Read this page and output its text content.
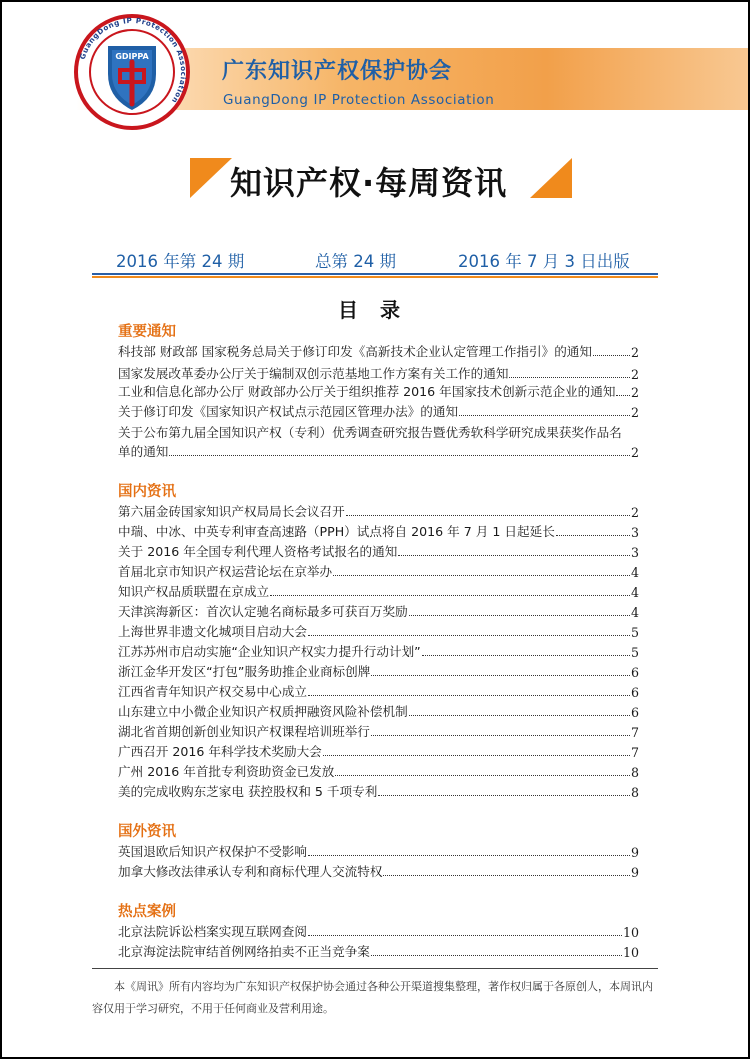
GuangDong IP Protection Association
GDIPPA
广东知识产权保护协会
GuangDong IP Protection Association
知识产权·每周资讯
2016 年第 24 期	总第 24 期	2016 年 7 月 3 日出版
目录
重要通知
科技部 财政部 国家税务总局关于修订印发《高新技术企业认定管理工作指引》的通知	2
国家发展改革委办公厅关于编制双创示范基地工作方案有关工作的通知	2
工业和信息化部办公厅 财政部办公厅关于组织推荐 2016 年国家技术创新示范企业的通知 2
关于修订印发《国家知识产权试点示范园区管理办法》的通知	2
关于公布第九届全国知识产权（专利）优秀调查研究报告暨优秀软科学研究成果获奖作品名
单的通知	2
国内资讯
第六届金砖国家知识产权局局长会议召开	2
中瑞、中冰、中英专利审查高速路（PPH）试点将自 2016 年 7 月 1 日起延长	3
关于 2016 年全国专利代理人资格考试报名的通知	3
首届北京市知识产权运营论坛在京举办	4
知识产权品质联盟在京成立	4
天津滨海新区：首次认定驰名商标最多可获百万奖励	4
上海世界非遗文化城项目启动大会	5
江苏苏州市启动实施“企业知识产权实力提升行动计划”	5
浙江金华开发区“打包”服务助推企业商标创牌	6
江西省青年知识产权交易中心成立	6
山东建立中小微企业知识产权质押融资风险补偿机制	6
湖北省首期创新创业知识产权课程培训班举行	7
广西召开 2016 年科学技术奖励大会	7
广州 2016 年首批专利资助资金已发放	8
美的完成收购东芝家电 获控股权和 5 千项专利	8
国外资讯
英国退欧后知识产权保护不受影响	9
加拿大修改法律承认专利和商标代理人交流特权	9
热点案例
北京法院诉讼档案实现互联网查阅	10
北京海淀法院审结首例网络拍卖不正当竞争案	10
本《周讯》所有内容均为广东知识产权保护协会通过各种公开渠道搜集整理，著作权归属于各原创人，本周讯内容仅用于学习研究，不用于任何商业及营利用途。
